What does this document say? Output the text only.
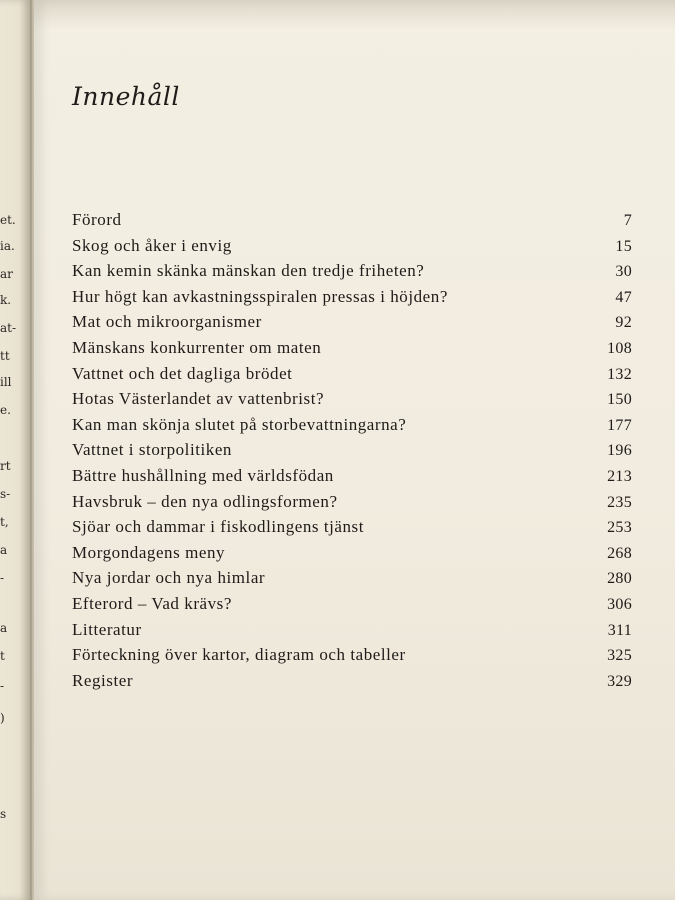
et.
ia.
ar
k.
at-
tt
ill
e.
rt
s-
t,
a
-
a
t
-
)
s
Innehåll
Förord	7
Skog och åker i envig	15
Kan kemin skänka mänskan den tredje friheten?	30
Hur högt kan avkastningsspiralen pressas i höjden?	47
Mat och mikroorganismer	92
Mänskans konkurrenter om maten	108
Vattnet och det dagliga brödet	132
Hotas Västerlandet av vattenbrist?	150
Kan man skönja slutet på storbevattningarna?	177
Vattnet i storpolitiken	196
Bättre hushållning med världsfödan	213
Havsbruk – den nya odlingsformen?	235
Sjöar och dammar i fiskodlingens tjänst	253
Morgondagens meny	268
Nya jordar och nya himlar	280
Efterord – Vad krävs?	306
Litteratur	311
Förteckning över kartor, diagram och tabeller	325
Register	329
